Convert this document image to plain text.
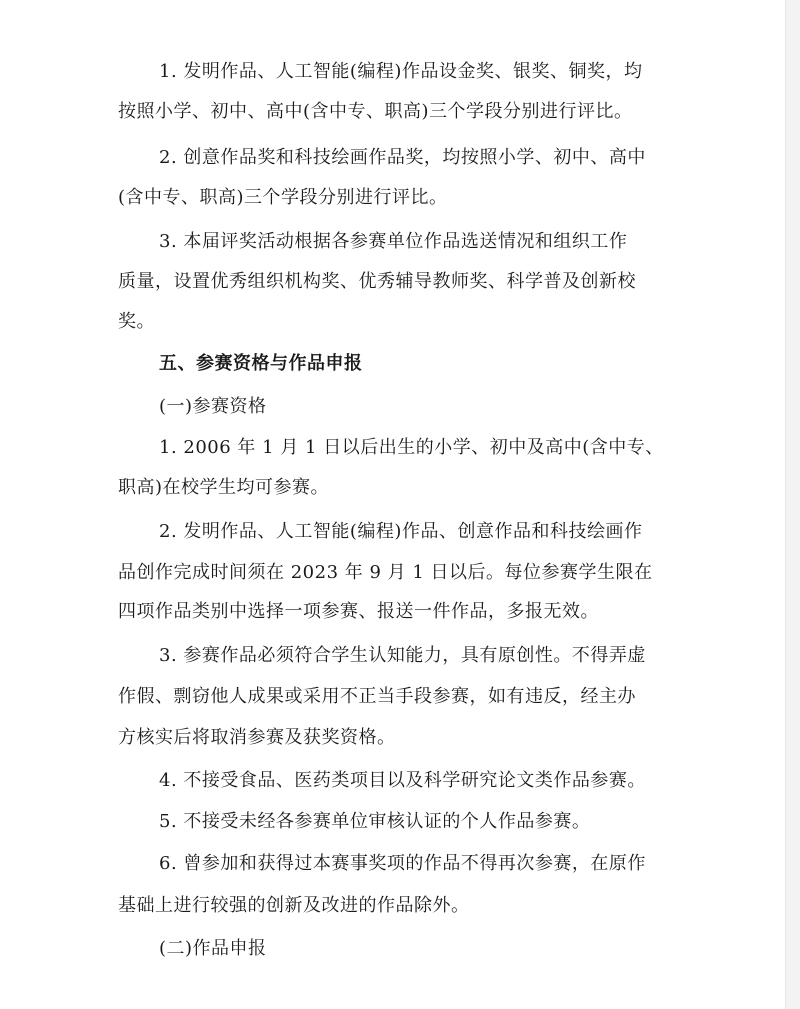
1. 发明作品、人工智能(编程)作品设金奖、银奖、铜奖，均
按照小学、初中、高中(含中专、职高)三个学段分别进行评比。
2. 创意作品奖和科技绘画作品奖，均按照小学、初中、高中
(含中专、职高)三个学段分别进行评比。
3. 本届评奖活动根据各参赛单位作品选送情况和组织工作
质量，设置优秀组织机构奖、优秀辅导教师奖、科学普及创新校
奖。
五、参赛资格与作品申报
(一)参赛资格
1. 2006 年 1 月 1 日以后出生的小学、初中及高中(含中专、
职高)在校学生均可参赛。
2. 发明作品、人工智能(编程)作品、创意作品和科技绘画作
品创作完成时间须在 2023 年 9 月 1 日以后。每位参赛学生限在
四项作品类别中选择一项参赛、报送一件作品，多报无效。
3. 参赛作品必须符合学生认知能力，具有原创性。不得弄虚
作假、剽窃他人成果或采用不正当手段参赛，如有违反，经主办
方核实后将取消参赛及获奖资格。
4. 不接受食品、医药类项目以及科学研究论文类作品参赛。
5. 不接受未经各参赛单位审核认证的个人作品参赛。
6. 曾参加和获得过本赛事奖项的作品不得再次参赛，在原作
基础上进行较强的创新及改进的作品除外。
(二)作品申报
